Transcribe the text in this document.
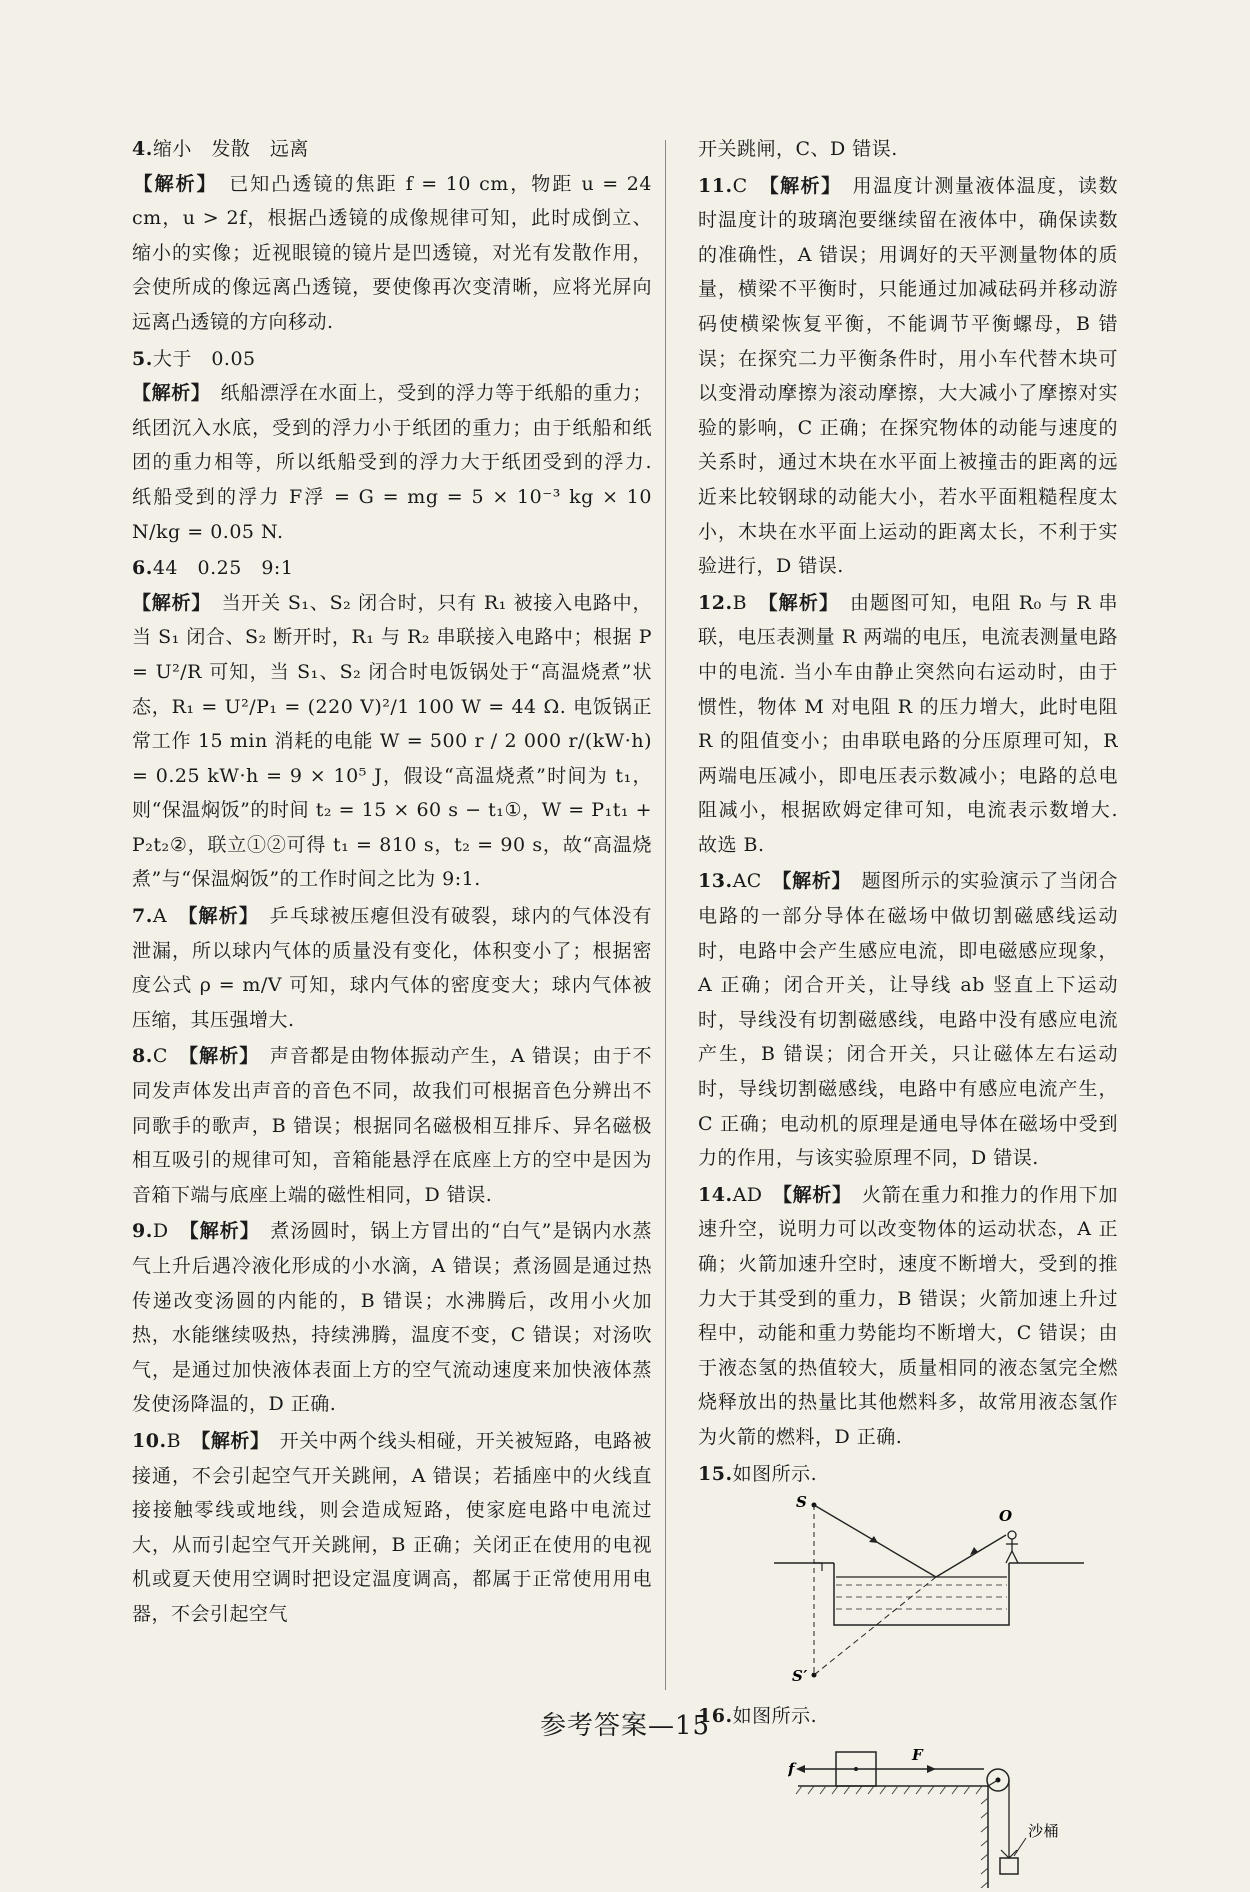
4.缩小　发散　远离
【解析】　 已知凸透镜的焦距 f = 10 cm，物距 u = 24 cm，u > 2f，根据凸透镜的成像规律可知，此时成倒立、缩小的实像；近视眼镜的镜片是凹透镜，对光有发散作用，会使所成的像远离凸透镜，要使像再次变清晰，应将光屏向远离凸透镜的方向移动.
5.大于　0.05
【解析】　 纸船漂浮在水面上，受到的浮力等于纸船的重力；纸团沉入水底，受到的浮力小于纸团的重力；由于纸船和纸团的重力相等，所以纸船受到的浮力大于纸团受到的浮力. 纸船受到的浮力 F浮 = G = mg = 5 × 10⁻³ kg × 10 N/kg = 0.05 N.
6.44　0.25　9:1
【解析】　 当开关 S₁、S₂ 闭合时，只有 R₁ 被接入电路中，当 S₁ 闭合、S₂ 断开时，R₁ 与 R₂ 串联接入电路中；根据 P = U²/R 可知，当 S₁、S₂ 闭合时电饭锅处于“高温烧煮”状态，R₁ = U²/P₁ = (220 V)²/1 100 W = 44 Ω. 电饭锅正常工作 15 min 消耗的电能 W = 500 r / 2 000 r/(kW·h) = 0.25 kW·h = 9 × 10⁵ J，假设“高温烧煮”时间为 t₁，则“保温焖饭”的时间 t₂ = 15 × 60 s − t₁①，W = P₁t₁ + P₂t₂②，联立①②可得 t₁ = 810 s，t₂ = 90 s，故“高温烧煮”与“保温焖饭”的工作时间之比为 9:1.
7.A　 【解析】　 乒乓球被压瘪但没有破裂，球内的气体没有泄漏，所以球内气体的质量没有变化，体积变小了；根据密度公式 ρ = m/V 可知，球内气体的密度变大；球内气体被压缩，其压强增大.
8.C　 【解析】　 声音都是由物体振动产生，A 错误；由于不同发声体发出声音的音色不同，故我们可根据音色分辨出不同歌手的歌声，B 错误；根据同名磁极相互排斥、异名磁极相互吸引的规律可知，音箱能悬浮在底座上方的空中是因为音箱下端与底座上端的磁性相同，D 错误.
9.D　 【解析】　 煮汤圆时，锅上方冒出的“白气”是锅内水蒸气上升后遇冷液化形成的小水滴，A 错误；煮汤圆是通过热传递改变汤圆的内能的，B 错误；水沸腾后，改用小火加热，水能继续吸热，持续沸腾，温度不变，C 错误；对汤吹气，是通过加快液体表面上方的空气流动速度来加快液体蒸发使汤降温的，D 正确.
10.B　 【解析】　 开关中两个线头相碰，开关被短路，电路被接通，不会引起空气开关跳闸，A 错误；若插座中的火线直接接触零线或地线，则会造成短路，使家庭电路中电流过大，从而引起空气开关跳闸，B 正确；关闭正在使用的电视机或夏天使用空调时把设定温度调高，都属于正常使用用电器，不会引起空气
开关跳闸，C、D 错误.
11.C　 【解析】　 用温度计测量液体温度，读数时温度计的玻璃泡要继续留在液体中，确保读数的准确性，A 错误；用调好的天平测量物体的质量，横梁不平衡时，只能通过加减砝码并移动游码使横梁恢复平衡，不能调节平衡螺母，B 错误；在探究二力平衡条件时，用小车代替木块可以变滑动摩擦为滚动摩擦，大大减小了摩擦对实验的影响，C 正确；在探究物体的动能与速度的关系时，通过木块在水平面上被撞击的距离的远近来比较钢球的动能大小，若水平面粗糙程度太小，木块在水平面上运动的距离太长，不利于实验进行，D 错误.
12.B　 【解析】　 由题图可知，电阻 R₀ 与 R 串联，电压表测量 R 两端的电压，电流表测量电路中的电流. 当小车由静止突然向右运动时，由于惯性，物体 M 对电阻 R 的压力增大，此时电阻 R 的阻值变小；由串联电路的分压原理可知，R 两端电压减小，即电压表示数减小；电路的总电阻减小，根据欧姆定律可知，电流表示数增大. 故选 B.
13.AC　 【解析】　 题图所示的实验演示了当闭合电路的一部分导体在磁场中做切割磁感线运动时，电路中会产生感应电流，即电磁感应现象，A 正确；闭合开关，让导线 ab 竖直上下运动时，导线没有切割磁感线，电路中没有感应电流产生，B 错误；闭合开关，只让磁体左右运动时，导线切割磁感线，电路中有感应电流产生，C 正确；电动机的原理是通电导体在磁场中受到力的作用，与该实验原理不同，D 错误.
14.AD　 【解析】　 火箭在重力和推力的作用下加速升空，说明力可以改变物体的运动状态，A 正确；火箭加速升空时，速度不断增大，受到的推力大于其受到的重力，B 错误；火箭加速上升过程中，动能和重力势能均不断增大，C 错误；由于液态氢的热值较大，质量相同的液态氢完全燃烧释放出的热量比其他燃料多，故常用液态氢作为火箭的燃料，D 正确.
15.如图所示.
S
S′
O
16.如图所示.
f
F
沙桶
参考答案—15
